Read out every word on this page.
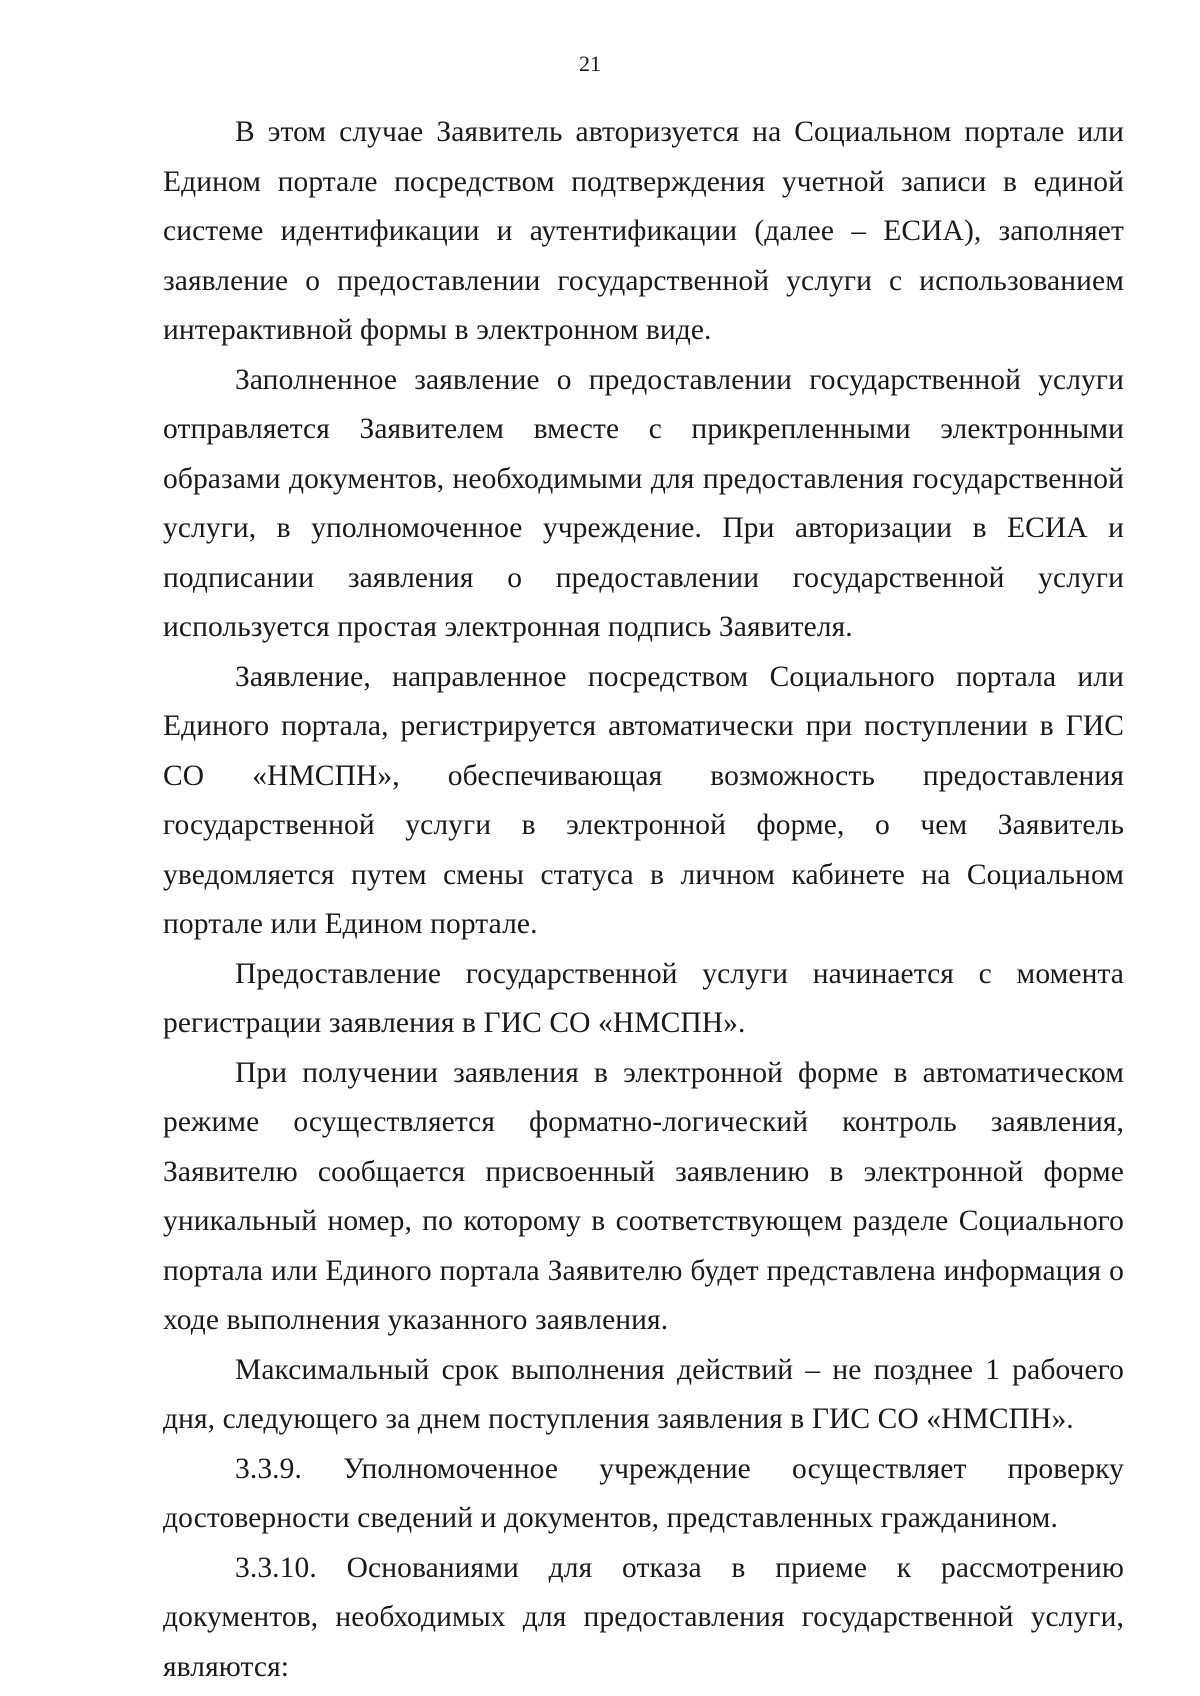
21

В этом случае Заявитель авторизуется на Социальном портале или Едином портале посредством подтверждения учетной записи в единой системе идентификации и аутентификации (далее – ЕСИА), заполняет заявление о предоставлении государственной услуги с использованием интерактивной формы в электронном виде.

Заполненное заявление о предоставлении государственной услуги отправляется Заявителем вместе с прикрепленными электронными образами документов, необходимыми для предоставления государственной услуги, в уполномоченное учреждение. При авторизации в ЕСИА и подписании заявления о предоставлении государственной услуги используется простая электронная подпись Заявителя.

Заявление, направленное посредством Социального портала или Единого портала, регистрируется автоматически при поступлении в ГИС СО «НМСПН», обеспечивающая возможность предоставления государственной услуги в электронной форме, о чем Заявитель уведомляется путем смены статуса в личном кабинете на Социальном портале или Едином портале.

Предоставление государственной услуги начинается с момента регистрации заявления в ГИС СО «НМСПН».

При получении заявления в электронной форме в автоматическом режиме осуществляется форматно-логический контроль заявления, Заявителю сообщается присвоенный заявлению в электронной форме уникальный номер, по которому в соответствующем разделе Социального портала или Единого портала Заявителю будет представлена информация о ходе выполнения указанного заявления.

Максимальный срок выполнения действий – не позднее 1 рабочего дня, следующего за днем поступления заявления в ГИС СО «НМСПН».

3.3.9. Уполномоченное учреждение осуществляет проверку достоверности сведений и документов, представленных гражданином.

3.3.10. Основаниями для отказа в приеме к рассмотрению документов, необходимых для предоставления государственной услуги, являются:
